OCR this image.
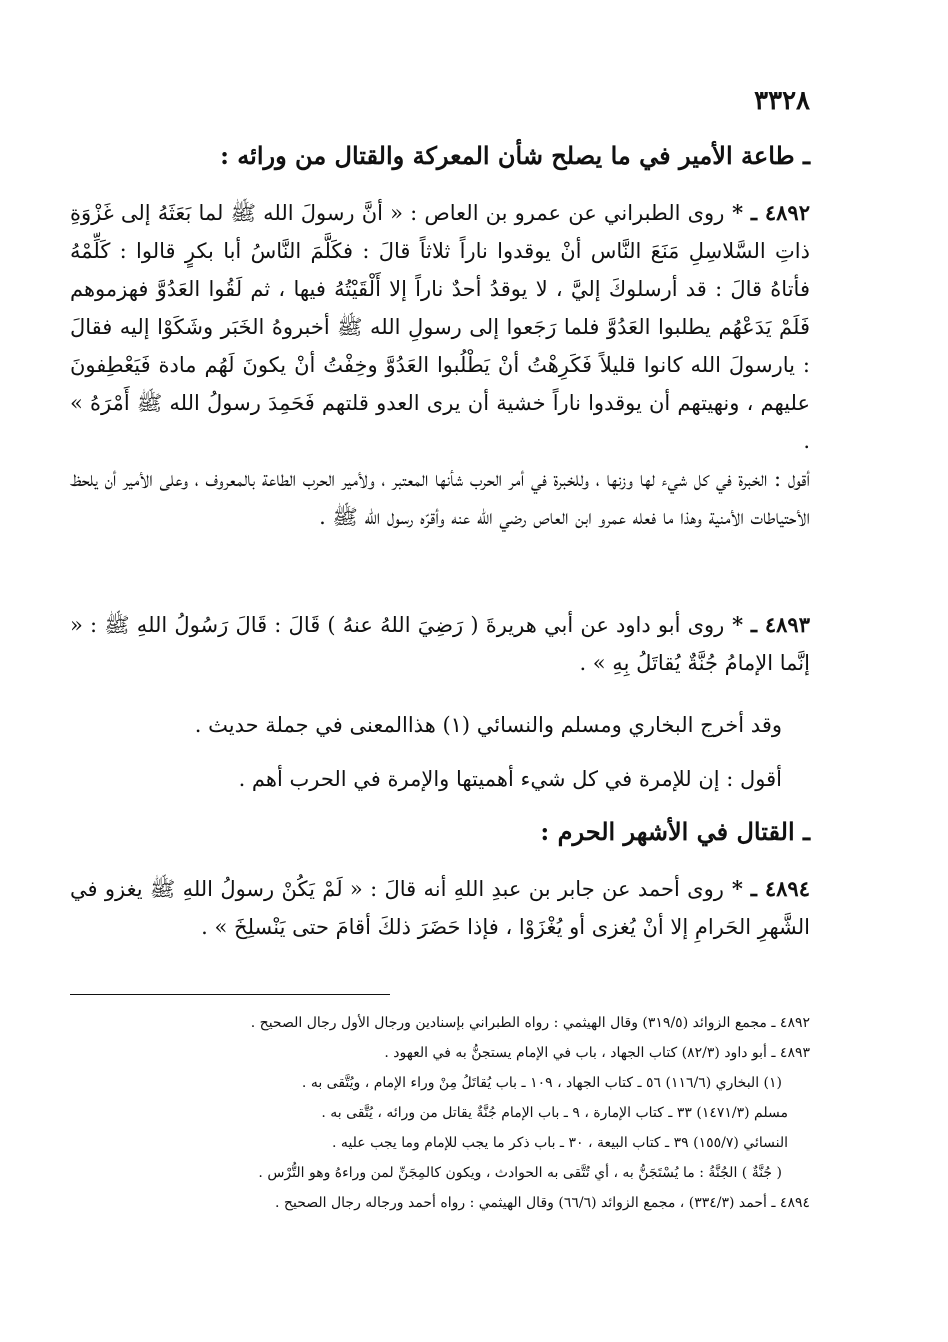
٣٣٢٨
ـ طاعة الأمير في ما يصلح شأن المعركة والقتال من ورائه :
٤٨٩٢ ـ * روى الطبراني عن عمرو بن العاص : « أنَّ رسولَ الله ﷺ لما بَعَثَهُ إلى غَزْوَةِ ذاتِ السَّلاسِلِ مَنَعَ النَّاس أنْ يوقدوا ناراً ثلاثاً قالَ : فكَلَّمَ النَّاسُ أبا بكرٍ قالوا : كَلِّمْهُ فأتاهُ قالَ : قد أرسلوكَ إليَّ ، لا يوقدُ أحدٌ ناراً إلا أَلْقَيْتُهُ فيها ، ثم لَقُوا العَدُوَّ فهزموهم فَلَمْ يَدَعْهُم يطلبوا العَدُوَّ فلما رَجَعوا إلى رسولِ الله ﷺ أخبروهُ الخَبَر وشَكَوْا إليه فقالَ : يارسولَ الله كانوا قليلاً فَكَرِهْتُ أنْ يَطْلُبوا العَدُوَّ وخِفْتُ أنْ يكونَ لَهُم مادة فَيَعْطِفونَ عليهم ، ونهيتهم أن يوقدوا ناراً خشية أن يرى العدو قلتهم فَحَمِدَ رسولُ الله ﷺ أَمْرَهُ » .
أقول : الخبرة في كل شيء لها وزنها ، وللخبرة في أمر الحرب شأنها المعتبر ، ولأمير الحرب الطاعة بالمعروف ، وعلى الأمير أن يلحظ الأحتياطات الأمنية وهذا ما فعله عمرو ابن العاص رضي الله عنه وأقرّه رسول الله ﷺ .
٤٨٩٣ ـ * روى أبو داود عن أبي هريرةَ ( رَضِيَ اللهُ عنهُ ) قَالَ : قَالَ رَسُولُ اللهِ ﷺ : « إنَّما الإمامُ جُنَّةٌ يُقاتَلُ بِهِ » .
وقد أخرج البخاري ومسلم والنسائي (١) هذاالمعنى في جملة حديث .
أقول : إن للإمرة في كل شيء أهميتها والإمرة في الحرب أهم .
ـ القتال في الأشهر الحرم :
٤٨٩٤ ـ * روى أحمد عن جابر بن عبدِ اللهِ أنه قالَ : « لَمْ يَكُنْ رسولُ اللهِ ﷺ يغزو في الشَّهرِ الحَرامِ إلا أنْ يُغزى أو يُغْزَوْا ، فإذا حَضَرَ ذلكَ أقامَ حتى يَنْسلِخَ » .
٤٨٩٢ ـ مجمع الزوائد (٣١٩/٥) وقال الهيثمي : رواه الطبراني بإسنادين ورجال الأول رجال الصحيح .
٤٨٩٣ ـ أبو داود (٨٢/٣) كتاب الجهاد ، باب في الإمام يستجنُّ به في العهود .
(١) البخاري (١١٦/٦) ٥٦ ـ كتاب الجهاد ، ١٠٩ ـ باب يُقاتَلُ مِنْ وراء الإمام ، ويُتَّقى به .
مسلم (١٤٧١/٣) ٣٣ ـ كتاب الإمارة ، ٩ ـ باب الإمام جُنَّةٌ يقاتل من ورائه ، يُتَّقى به .
النسائي (١٥٥/٧) ٣٩ ـ كتاب البيعة ، ٣٠ ـ باب ذكر ما يجب للإمام وما يجب عليه .
( جُنَّةٌ ) الجُنَّةُ : ما يُسْتَجَنُّ به ، أي تُتَّقى به الحوادث ، ويكون كالمِجَنِّ لمن وراءهُ وهو التُّرْس .
٤٨٩٤ ـ أحمد (٣٣٤/٣) ، مجمع الزوائد (٦٦/٦) وقال الهيثمي : رواه أحمد ورجاله رجال الصحيح .
